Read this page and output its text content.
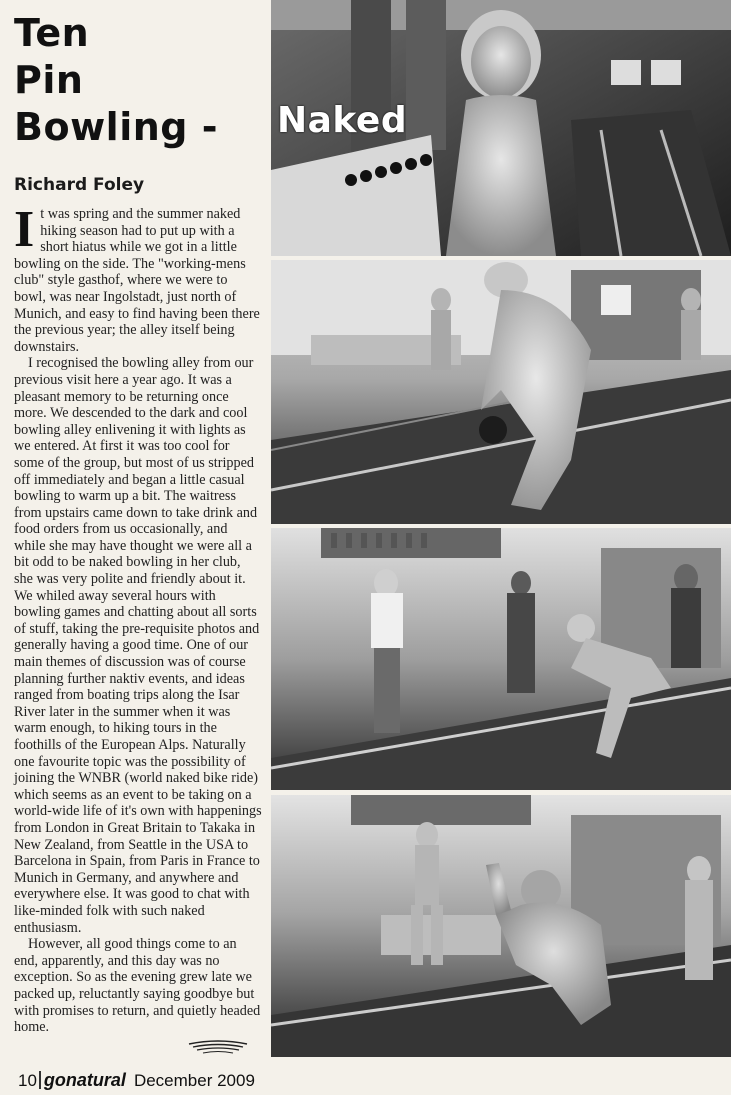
Ten
Pin
Bowling -
Richard Foley

It was spring and the summer naked hiking season had to put up with a short hiatus while we got in a little bowling on the side. The "working-mens club" style gasthof, where we were to bowl, was near Ingolstadt, just north of Munich, and easy to find having been there the previous year; the alley itself being downstairs.

I recognised the bowling alley from our previous visit here a year ago. It was a pleasant memory to be returning once more. We descended to the dark and cool bowling alley enlivening it with lights as we entered. At first it was too cool for some of the group, but most of us stripped off immediately and began a little casual bowling to warm up a bit. The waitress from upstairs came down to take drink and food orders from us occasionally, and while she may have thought we were all a bit odd to be naked bowling in her club, she was very polite and friendly about it. We whiled away several hours with bowling games and chatting about all sorts of stuff, taking the pre-requisite photos and generally having a good time. One of our main themes of discussion was of course planning further naktiv events, and ideas ranged from boating trips along the Isar River later in the summer when it was warm enough, to hiking tours in the foothills of the European Alps. Naturally one favourite topic was the possibility of joining the WNBR (world naked bike ride) which seems as an event to be taking on a world-wide life of it's own with happenings from London in Great Britain to Takaka in New Zealand, from Seattle in the USA to Barcelona in Spain, from Paris in France to Munich in Germany, and anywhere and everywhere else. It was good to chat with like-minded folk with such naked enthusiasm.

However, all good things come to an end, apparently, and this day was no exception. So as the evening grew late we packed up, reluctantly saying goodbye but with promises to return, and quietly headed home.

Naked
10 gonatural December 2009
